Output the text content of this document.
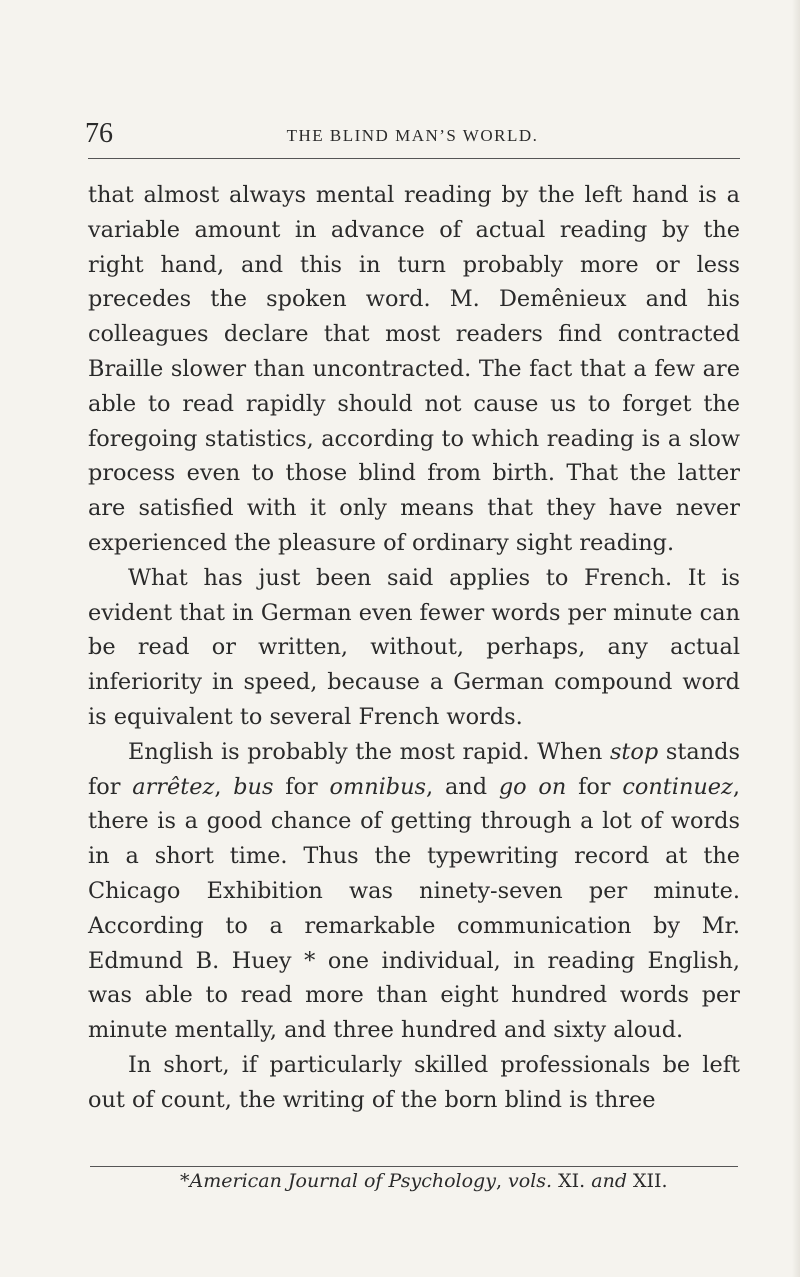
76	THE BLIND MAN’S WORLD.

that almost always mental reading by the left hand is a variable amount in advance of actual reading by the right hand, and this in turn probably more or less precedes the spoken word. M. Demênieux and his colleagues declare that most readers find contracted Braille slower than uncontracted. The fact that a few are able to read rapidly should not cause us to forget the foregoing statistics, according to which reading is a slow process even to those blind from birth. That the latter are satisfied with it only means that they have never experienced the pleasure of ordinary sight reading.

What has just been said applies to French. It is evident that in German even fewer words per minute can be read or written, without, perhaps, any actual inferiority in speed, because a German compound word is equivalent to several French words.

English is probably the most rapid. When stop stands for arrêtez, bus for omnibus, and go on for continuez, there is a good chance of getting through a lot of words in a short time. Thus the typewriting record at the Chicago Exhibition was ninety-seven per minute. According to a remarkable communication by Mr. Edmund B. Huey * one individual, in reading English, was able to read more than eight hundred words per minute mentally, and three hundred and sixty aloud.

In short, if particularly skilled professionals be left out of count, the writing of the born blind is three

*American Journal of Psychology, vols. XI. and XII.
